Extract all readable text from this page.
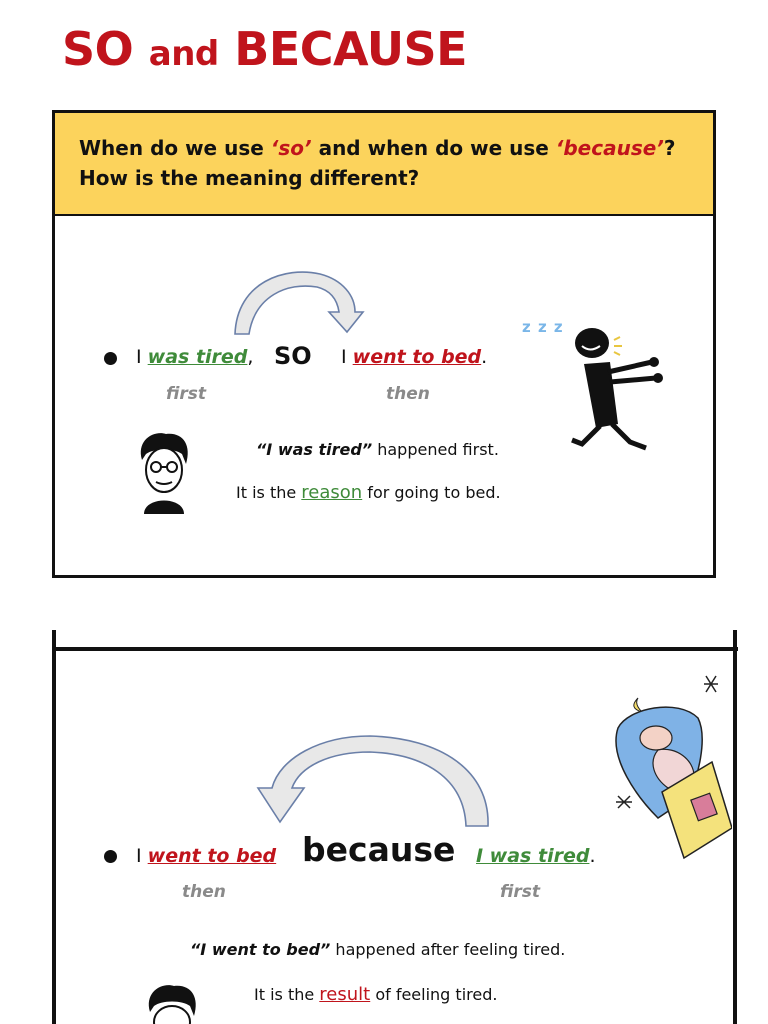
SO and BECAUSE
When do we use ‘so’ and when do we use ‘because’?
How is the meaning different?
I was tired, SO I went to bed.
first	then
z z z
“I was tired” happened first.
It is the reason for going to bed.
I went to bed because I was tired.
then	first
“I went to bed” happened after feeling tired.
It is the result of feeling tired.
